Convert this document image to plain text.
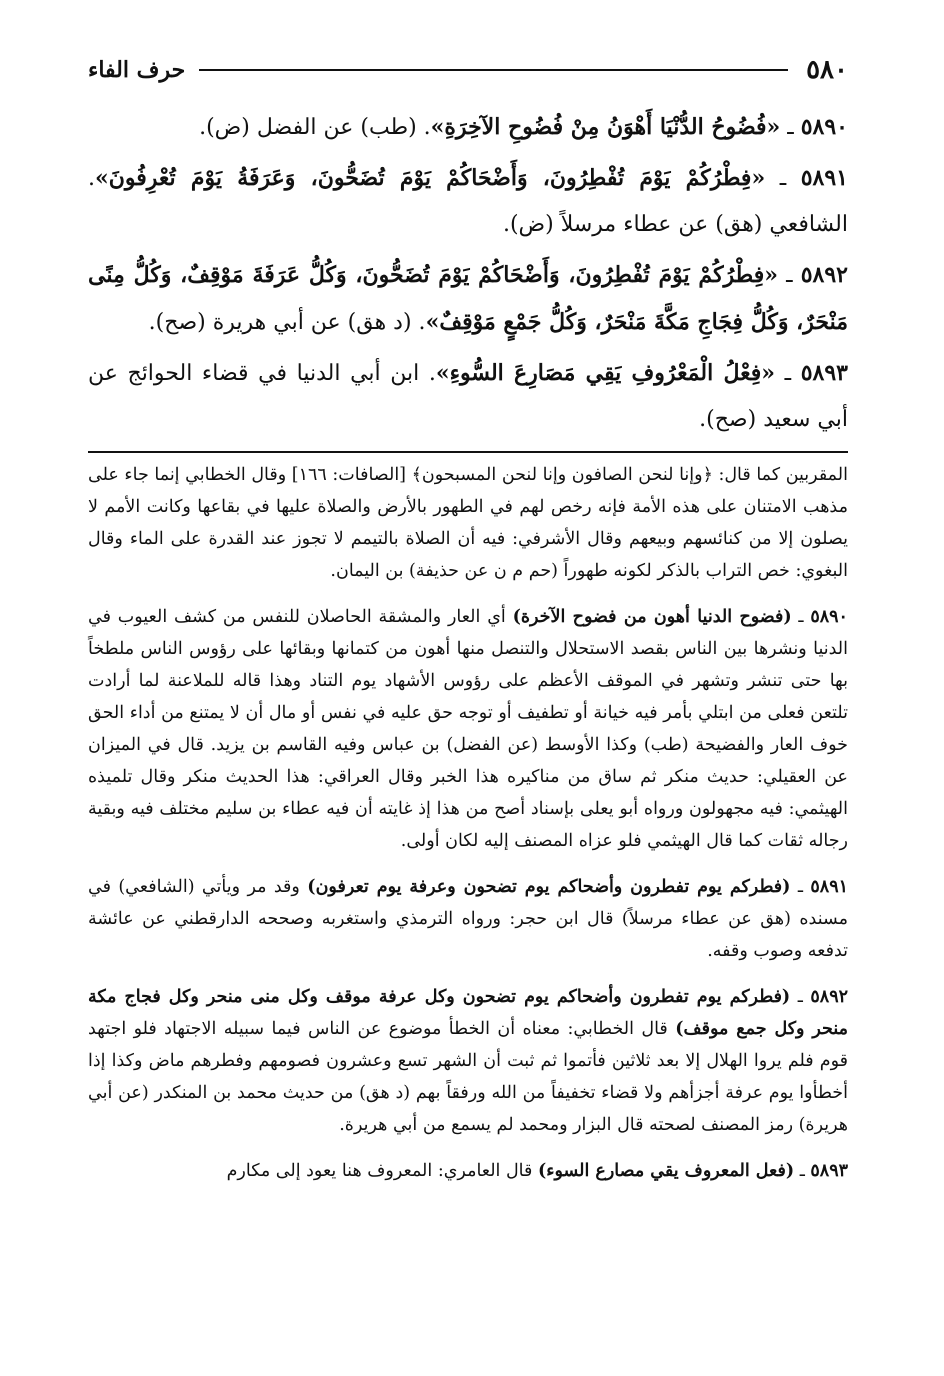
٥٨٠
حرف الفاء

٥٨٩٠ ـ «فُضُوحُ الدُّنْيَا أَهْوَنُ مِنْ فُضُوحِ الآخِرَةِ». (طب) عن الفضل (ض).

٥٨٩١ ـ «فِطْرُكُمْ يَوْمَ تُفْطِرُونَ، وَأَضْحَاكُمْ يَوْمَ تُضَحُّونَ، وَعَرَفَةُ يَوْمَ تُعْرِفُونَ». الشافعي (هق) عن عطاء مرسلاً (ض).

٥٨٩٢ ـ «فِطْرُكُمْ يَوْمَ تُفْطِرُونَ، وَأَضْحَاكُمْ يَوْمَ تُضَحُّونَ، وَكُلُّ عَرَفَةَ مَوْقِفٌ، وَكُلُّ مِنًى مَنْحَرٌ، وَكُلُّ فِجَاجِ مَكَّةَ مَنْحَرٌ، وَكُلُّ جَمْعٍ مَوْقِفٌ». (د هق) عن أبي هريرة (صح).

٥٨٩٣ ـ «فِعْلُ الْمَعْرُوفِ يَقِي مَصَارِعَ السُّوءِ». ابن أبي الدنيا في قضاء الحوائج عن أبي سعيد (صح).

المقربين كما قال: ﴿وإنا لنحن الصافون وإنا لنحن المسبحون﴾ [الصافات: ١٦٦] وقال الخطابي إنما جاء على مذهب الامتنان على هذه الأمة فإنه رخص لهم في الطهور بالأرض والصلاة عليها في بقاعها وكانت الأمم لا يصلون إلا من كنائسهم وبيعهم وقال الأشرفي: فيه أن الصلاة بالتيمم لا تجوز عند القدرة على الماء وقال البغوي: خص التراب بالذكر لكونه طهوراً (حم م ن عن حذيفة) بن اليمان.

٥٨٩٠ ـ (فضوح الدنيا أهون من فضوح الآخرة) أي العار والمشقة الحاصلان للنفس من كشف العيوب في الدنيا ونشرها بين الناس بقصد الاستحلال والتنصل منها أهون من كتمانها وبقائها على رؤوس الناس ملطخاً بها حتى تنشر وتشهر في الموقف الأعظم على رؤوس الأشهاد يوم التناد وهذا قاله للملاعنة لما أرادت تلتعن فعلى من ابتلي بأمر فيه خيانة أو تطفيف أو توجه حق عليه في نفس أو مال أن لا يمتنع من أداء الحق خوف العار والفضيحة (طب) وكذا الأوسط (عن الفضل) بن عباس وفيه القاسم بن يزيد. قال في الميزان عن العقيلي: حديث منكر ثم ساق من مناكيره هذا الخبر وقال العراقي: هذا الحديث منكر وقال تلميذه الهيثمي: فيه مجهولون ورواه أبو يعلى بإسناد أصح من هذا إذ غايته أن فيه عطاء بن سليم مختلف فيه وبقية رجاله ثقات كما قال الهيثمي فلو عزاه المصنف إليه لكان أولى.

٥٨٩١ ـ (فطركم يوم تفطرون وأضحاكم يوم تضحون وعرفة يوم تعرفون) وقد مر ويأتي (الشافعي) في مسنده (هق عن عطاء مرسلاً) قال ابن حجر: ورواه الترمذي واستغربه وصححه الدارقطني عن عائشة تدفعه وصوب وقفه.

٥٨٩٢ ـ (فطركم يوم تفطرون وأضحاكم يوم تضحون وكل عرفة موقف وكل منى منحر وكل فجاج مكة منحر وكل جمع موقف) قال الخطابي: معناه أن الخطأ موضوع عن الناس فيما سبيله الاجتهاد فلو اجتهد قوم فلم يروا الهلال إلا بعد ثلاثين فأتموا ثم ثبت أن الشهر تسع وعشرون فصومهم وفطرهم ماض وكذا إذا أخطأوا يوم عرفة أجزأهم ولا قضاء تخفيفاً من الله ورفقاً بهم (د هق) من حديث محمد بن المنكدر (عن أبي هريرة) رمز المصنف لصحته قال البزار ومحمد لم يسمع من أبي هريرة.

٥٨٩٣ ـ (فعل المعروف يقي مصارع السوء) قال العامري: المعروف هنا يعود إلى مكارم
